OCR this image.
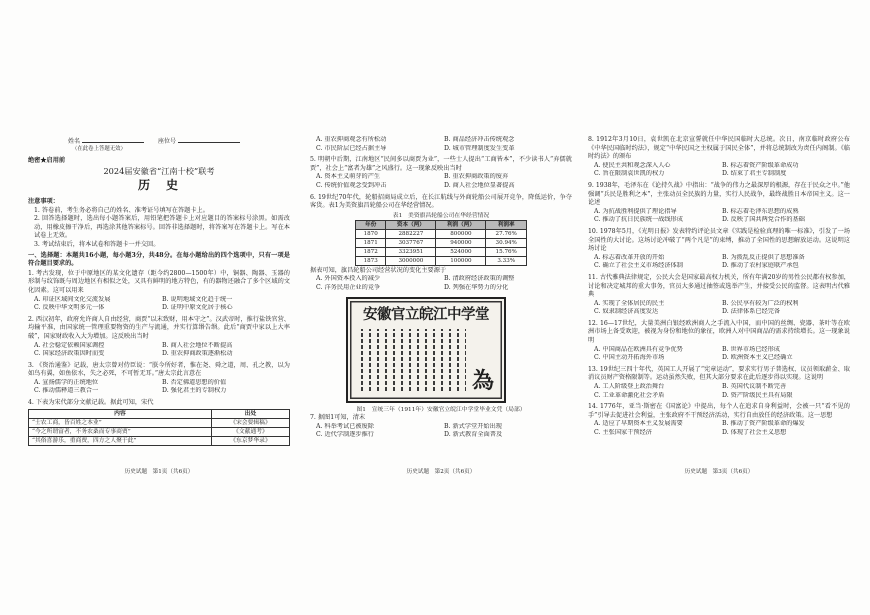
姓名	座位号
（在此卷上答题无效）
绝密★启用前
2024届安徽省“江南十校”联考
历　史

注意事项：

1. 答卷前，考生务必将自己的姓名、准考证号填写在答题卡上。

2. 回答选择题时，选出每小题答案后，用铅笔把答题卡上对应题目的答案标号涂黑。如需改动，用橡皮擦干净后，再选涂其他答案标号。回答非选择题时，将答案写在答题卡上。写在本试卷上无效。

3. 考试结束后，将本试卷和答题卡一并交回。

一、选择题：本题共16小题，每小题3分，共48分。在每小题给出的四个选项中，只有一项是符合题目要求的。

1. 考古发现，位于中原地区的某文化遗存（距今约2800—1500年）中，铜器、陶器、玉器的形制与纹饰既与周边地区有相似之处，又具有鲜明的地方特色，有的器物还融合了多个区域的文化因素。这可以用来

A. 印证区域间文化交流发展	B. 说明地域文化趋于统一
C. 反映中华文明多元一体	D. 证明中原文化居于核心

2. 西汉初年，政府允许商人自由经营，商贾“以末致财，用本守之”。汉武帝时，推行盐铁官营、均输平准，由国家统一管理重要物资的生产与流通，并实行算缗告缗。此后“商贾中家以上大率破”，国家财政收入大为增加。这反映出当时

A. 社会稳定依赖国家调控	B. 商人社会地位不断提高
C. 国家经济政策因时而变	D. 重农抑商政策逐渐松动

3. 《资治通鉴》记载，唐太宗曾对侍臣说：“朕今所好者，惟在尧、舜之道，周、孔之教，以为如鸟有翼，如鱼依水，失之必死，不可暂无耳。”唐太宗此言意在

A. 宣扬儒学的正统地位	B. 否定佛道思想的价值
C. 推动儒释道三教合一	D. 强化君主的专制权力

4. 下表为宋代部分文献记载。据此可知，宋代

内容	出处
“士农工商，皆百姓之本业”	《宋会要辑稿》
“今之所谓富者，不务农桑而专事商贾”	《文献通考》
“其俗喜游乐，重商贾，四方之人聚于此”	《东京梦华录》
A. 重农抑商观念有所松动	B. 商品经济冲击传统观念
C. 市民阶层已经占据主导	D. 城市管理制度发生变革

5. 明朝中后期，江南地区“民间多以商贾为业”，一些士人提出“工商皆本”，不少读书人“弃儒就贾”，社会上“富者为雄”之风盛行。这一现象反映出当时

A. 资本主义萌芽的产生	B. 重农抑商政策的废弃
C. 传统价值观念受到冲击	D. 商人社会地位显著提高

6. 19世纪70年代，轮船招商局成立后，在长江航线与外商轮船公司展开竞争，降低运价，争夺客货。表1为美资旗昌轮船公司在华经营情况。

表1　美资旗昌轮船公司在华经营情况
年份	资本（两）	利润（两）	利润率
1870	2882227	800000	27.76%
1871	3037767	940000	30.94%
1872	3323951	524000	15.76%
1873	3000000	100000	3.33%

据表可知，旗昌轮船公司经营状况的变化主要源于

A. 外国资本投入的减少	B. 清政府经济政策的调整
C. 洋务民用企业的竞争	D. 列强在华势力的分化
安徽官立皖江中学堂
為

图1　宣统三年（1911年）安徽官立皖江中学堂毕业文凭（局部）

7. 据图1可知，清末

A. 科举考试已被废除	B. 新式学堂开始出现
C. 近代学制逐步推行	D. 新式教育全面普及

8. 1912年3月10日，袁世凯在北京宣誓就任中华民国临时大总统。次日，南京临时政府公布《中华民国临时约法》，规定“中华民国之主权属于国民全体”，并将总统制改为责任内阁制。《临时约法》的颁布

A. 使民主共和观念深入人心	B. 标志着资产阶级革命成功
C. 旨在限制袁世凯的权力	D. 结束了君主专制制度

9. 1938年，毛泽东在《论持久战》中指出：“战争的伟力之最深厚的根源，存在于民众之中。”他强调“兵民是胜利之本”，主张动员全民族的力量，实行人民战争，最终战胜日本帝国主义。这一论述

A. 为抗战胜利提供了理论指导	B. 标志着毛泽东思想的成熟
C. 推动了抗日民族统一战线形成	D. 反映了国共两党合作的基础

10. 1978年5月，《光明日报》发表特约评论员文章《实践是检验真理的唯一标准》，引发了一场全国性的大讨论。这场讨论冲破了“两个凡是”的束缚，推动了全国性的思想解放运动。这说明这场讨论

A. 标志着改革开放的开始	B. 为拨乱反正提供了思想准备
C. 确立了社会主义市场经济体制	D. 推动了农村家庭联产承包

11. 古代雅典法律规定，公民大会是国家最高权力机关，所有年满20岁的男性公民都有权参加，讨论和决定城邦的重大事务，官员大多通过抽签或选举产生，并接受公民的监督。这表明古代雅典

A. 实现了全体居民的民主	B. 公民享有较为广泛的权利
C. 奴隶制经济高度发达	D. 法律体系已经完备

12. 16—17世纪，大量美洲白银经欧洲商人之手流入中国，而中国的丝绸、瓷器、茶叶等在欧洲市场上备受欢迎，被视为身份和地位的象征，欧洲人对中国商品的需求持续增长。这一现象说明

A. 中国商品在欧洲具有竞争优势	B. 世界市场已经形成
C. 中国主动开拓海外市场	D. 欧洲资本主义已经确立

13. 19世纪三四十年代，英国工人开展了“宪章运动”，要求实行男子普选权、议员领取薪金、取消议员财产资格限制等。运动虽然失败，但其大部分要求在此后逐步得以实现。这说明

A. 工人阶级登上政治舞台	B. 英国代议制不断完善
C. 工业革命激化社会矛盾	D. 资产阶级民主具有局限

14. 1776年，亚当·斯密在《国富论》中提出，每个人在追求自身利益时，会被一只“看不见的手”引导去促进社会利益，主张政府不干预经济活动，实行自由放任的经济政策。这一思想

A. 适应了早期资本主义发展需要	B. 推动了资产阶级革命的爆发
C. 主张国家干预经济	D. 体现了社会主义思想
历史试题　第1页（共6页）	历史试题　第2页（共6页）	历史试题　第3页（共6页）
